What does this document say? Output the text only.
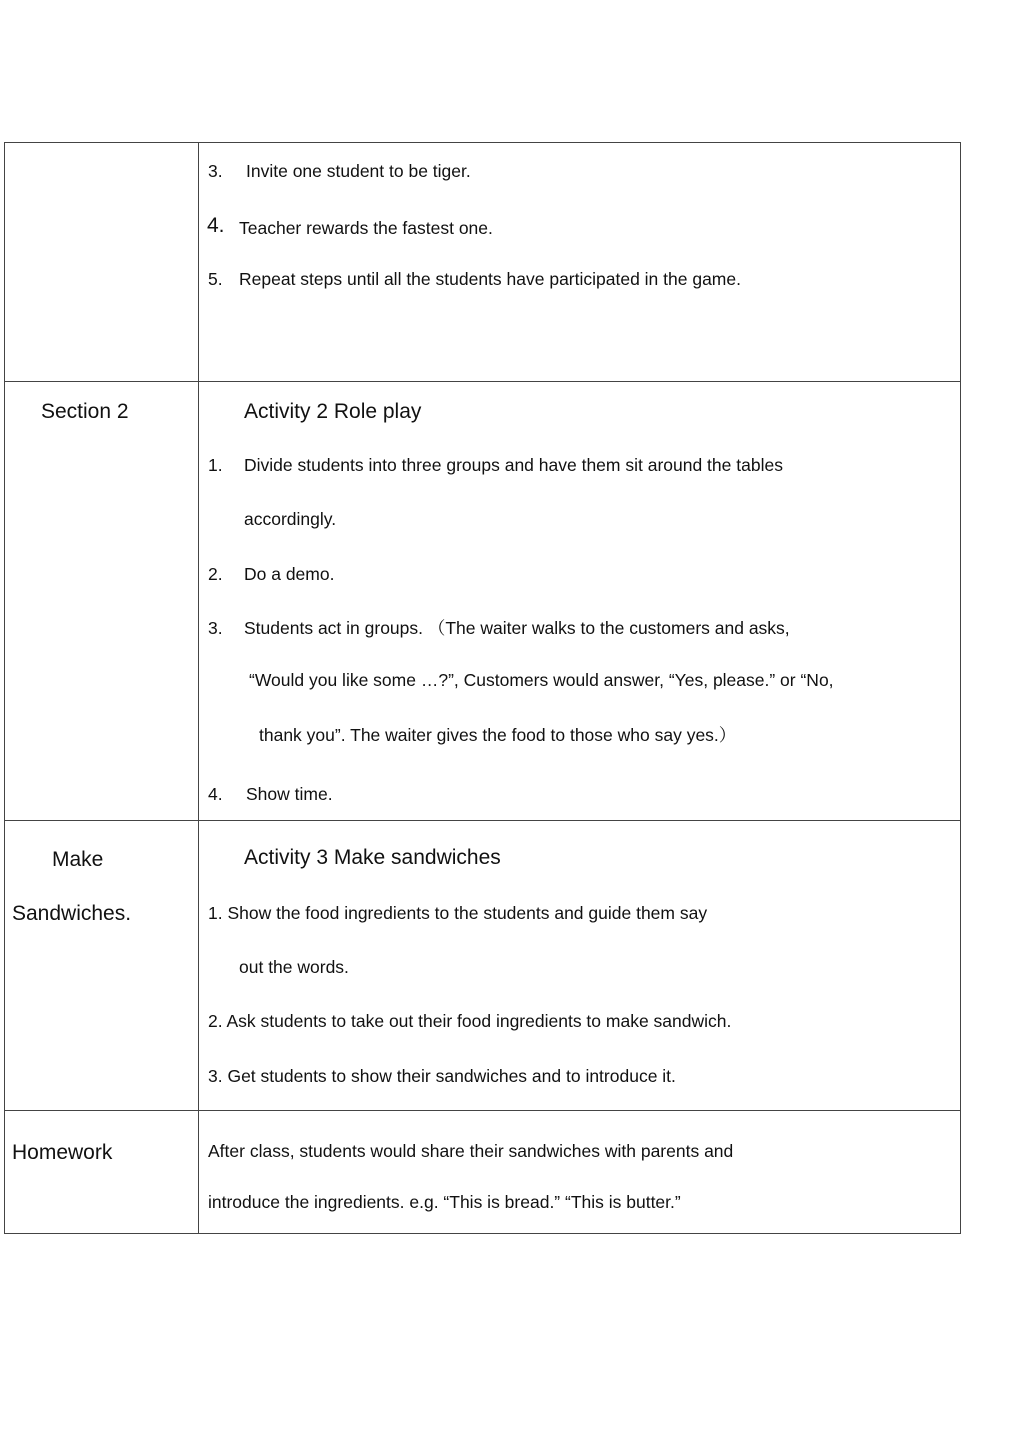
3. Invite one student to be tiger.
4. Teacher rewards the fastest one.
5. Repeat steps until all the students have participated in the game.
Section 2	Activity 2 Role play
1. Divide students into three groups and have them sit around the tables
accordingly.
2. Do a demo.
3. Students act in groups. （The waiter walks to the customers and asks,
“Would you like some …?”, Customers would answer, “Yes, please.” or “No,
thank you”. The waiter gives the food to those who say yes.）
4. Show time.
Make
Sandwiches.
Activity 3 Make sandwiches
1. Show the food ingredients to the students and guide them say
out the words.
2. Ask students to take out their food ingredients to make sandwich.
3. Get students to show their sandwiches and to introduce it.
Homework	After class, students would share their sandwiches with parents and
introduce the ingredients. e.g. “This is bread.” “This is butter.”
